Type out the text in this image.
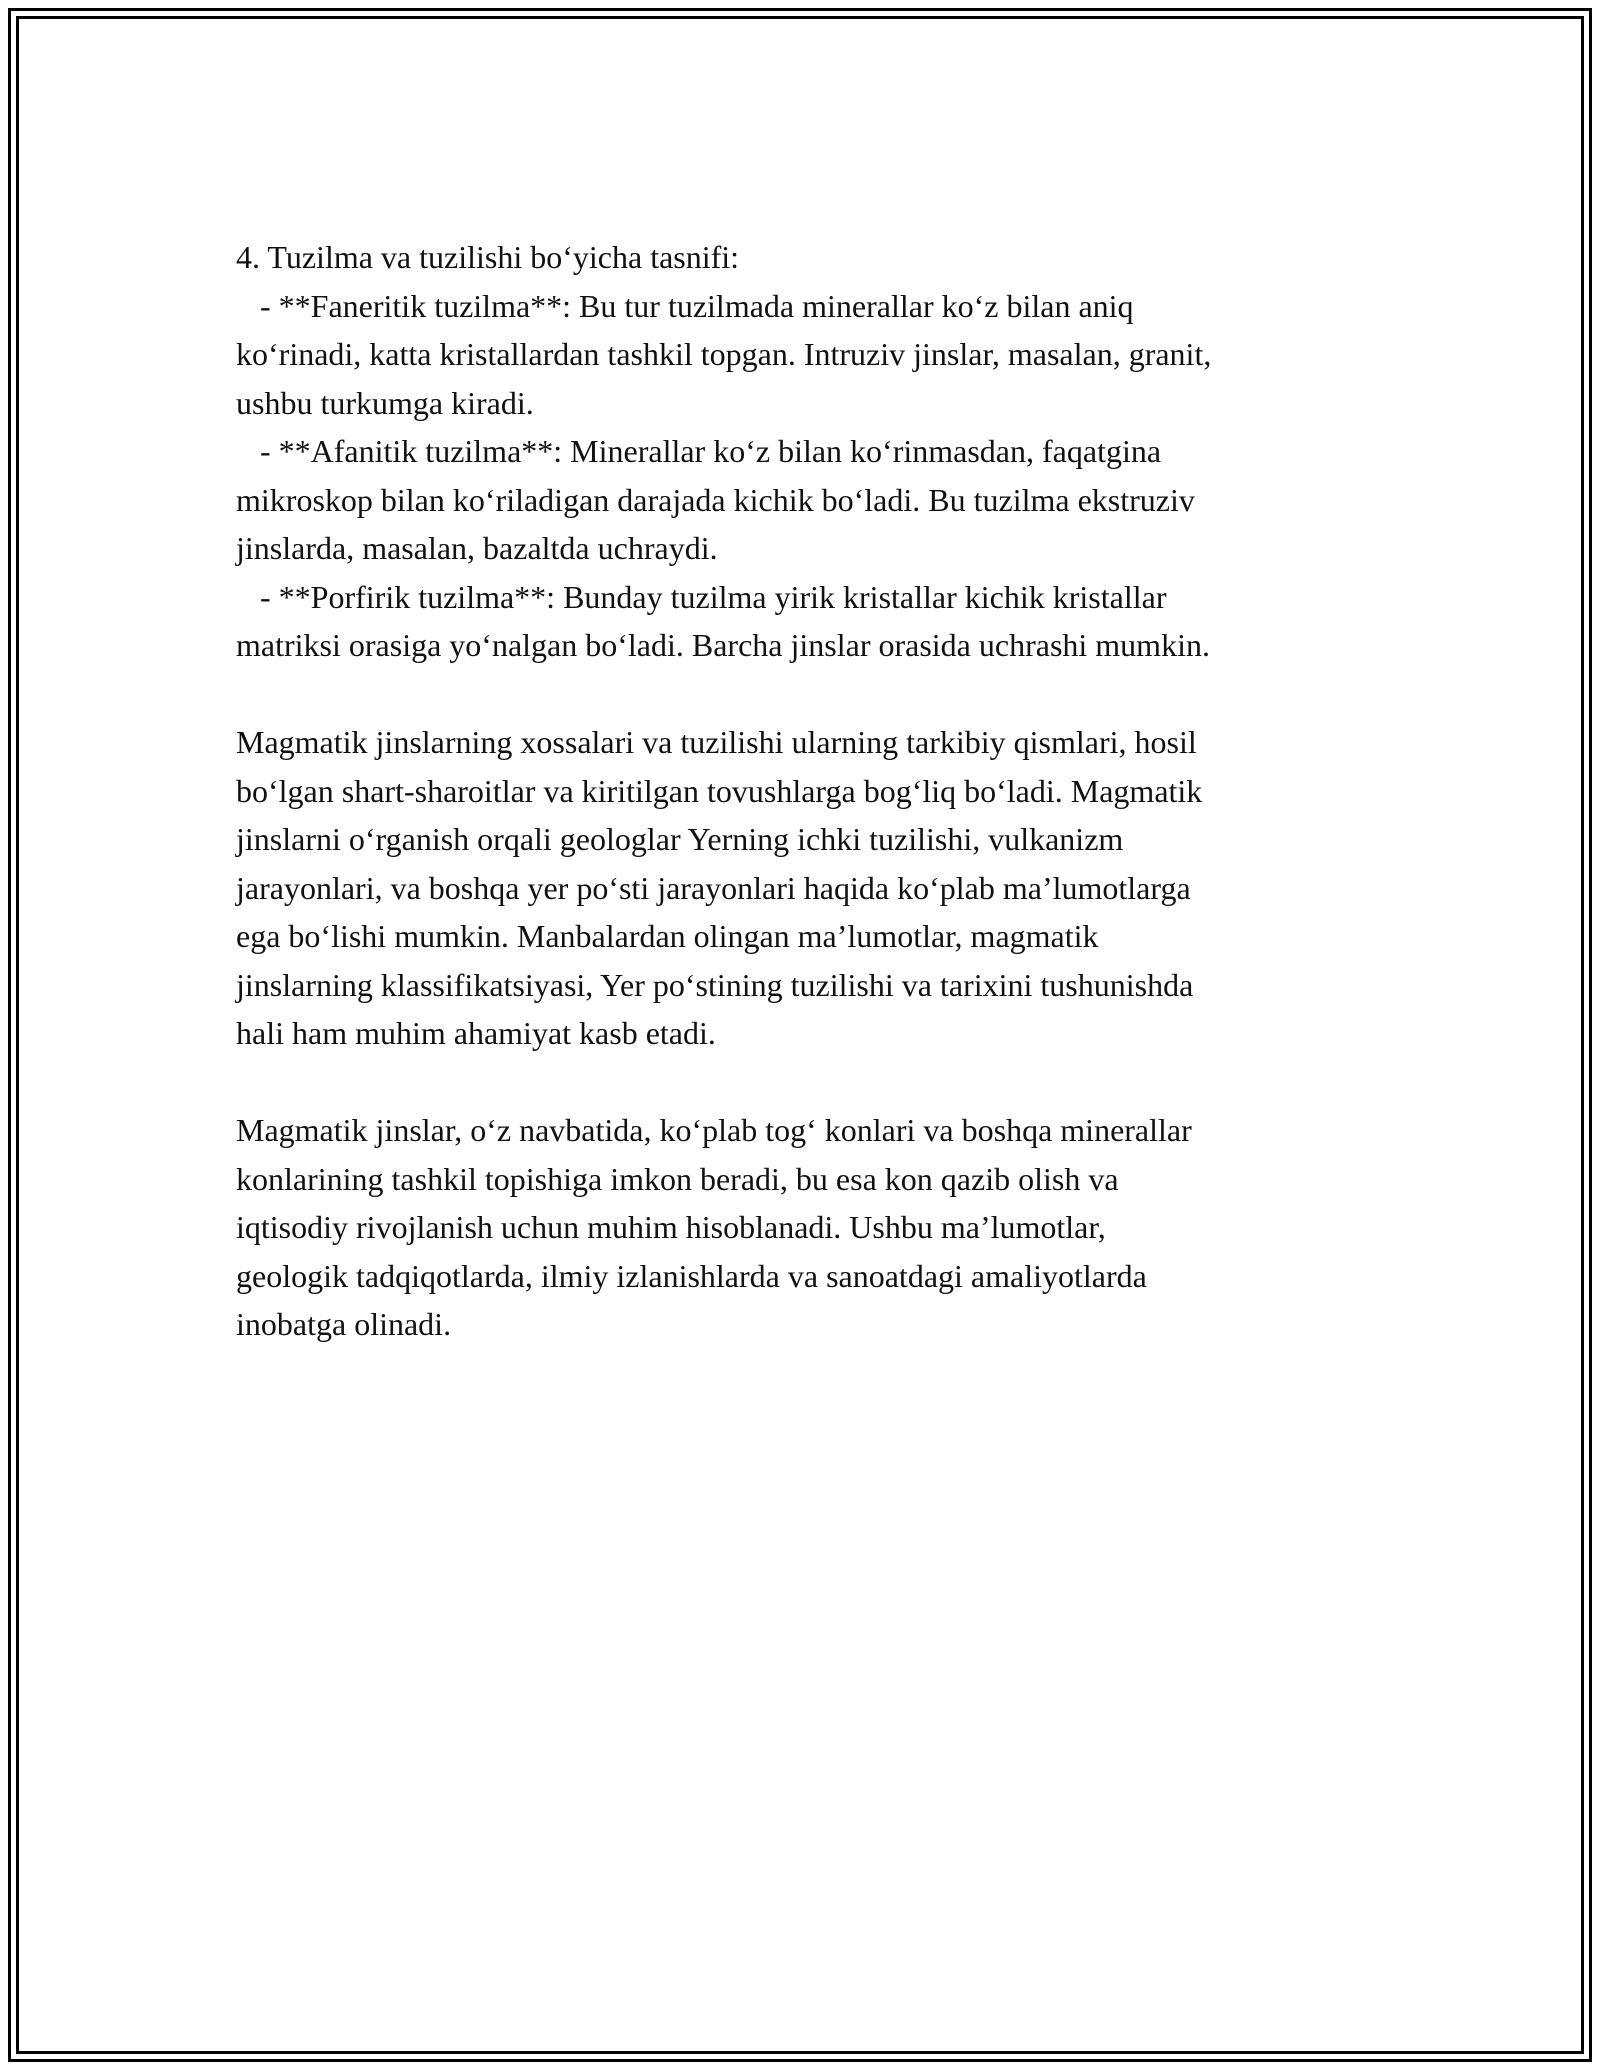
4. Tuzilma va tuzilishi bo‘yicha tasnifi:
- **Faneritik tuzilma**: Bu tur tuzilmada minerallar ko‘z bilan aniq
ko‘rinadi, katta kristallardan tashkil topgan. Intruziv jinslar, masalan, granit,
ushbu turkumga kiradi.
- **Afanitik tuzilma**: Minerallar ko‘z bilan ko‘rinmasdan, faqatgina
mikroskop bilan ko‘riladigan darajada kichik bo‘ladi. Bu tuzilma ekstruziv
jinslarda, masalan, bazaltda uchraydi.
- **Porfirik tuzilma**: Bunday tuzilma yirik kristallar kichik kristallar
matriksi orasiga yo‘nalgan bo‘ladi. Barcha jinslar orasida uchrashi mumkin.
Magmatik jinslarning xossalari va tuzilishi ularning tarkibiy qismlari, hosil
bo‘lgan shart-sharoitlar va kiritilgan tovushlarga bog‘liq bo‘ladi. Magmatik
jinslarni o‘rganish orqali geologlar Yerning ichki tuzilishi, vulkanizm
jarayonlari, va boshqa yer po‘sti jarayonlari haqida ko‘plab ma’lumotlarga
ega bo‘lishi mumkin. Manbalardan olingan ma’lumotlar, magmatik
jinslarning klassifikatsiyasi, Yer po‘stining tuzilishi va tarixini tushunishda
hali ham muhim ahamiyat kasb etadi.
Magmatik jinslar, o‘z navbatida, ko‘plab tog‘ konlari va boshqa minerallar
konlarining tashkil topishiga imkon beradi, bu esa kon qazib olish va
iqtisodiy rivojlanish uchun muhim hisoblanadi. Ushbu ma’lumotlar,
geologik tadqiqotlarda, ilmiy izlanishlarda va sanoatdagi amaliyotlarda
inobatga olinadi.
